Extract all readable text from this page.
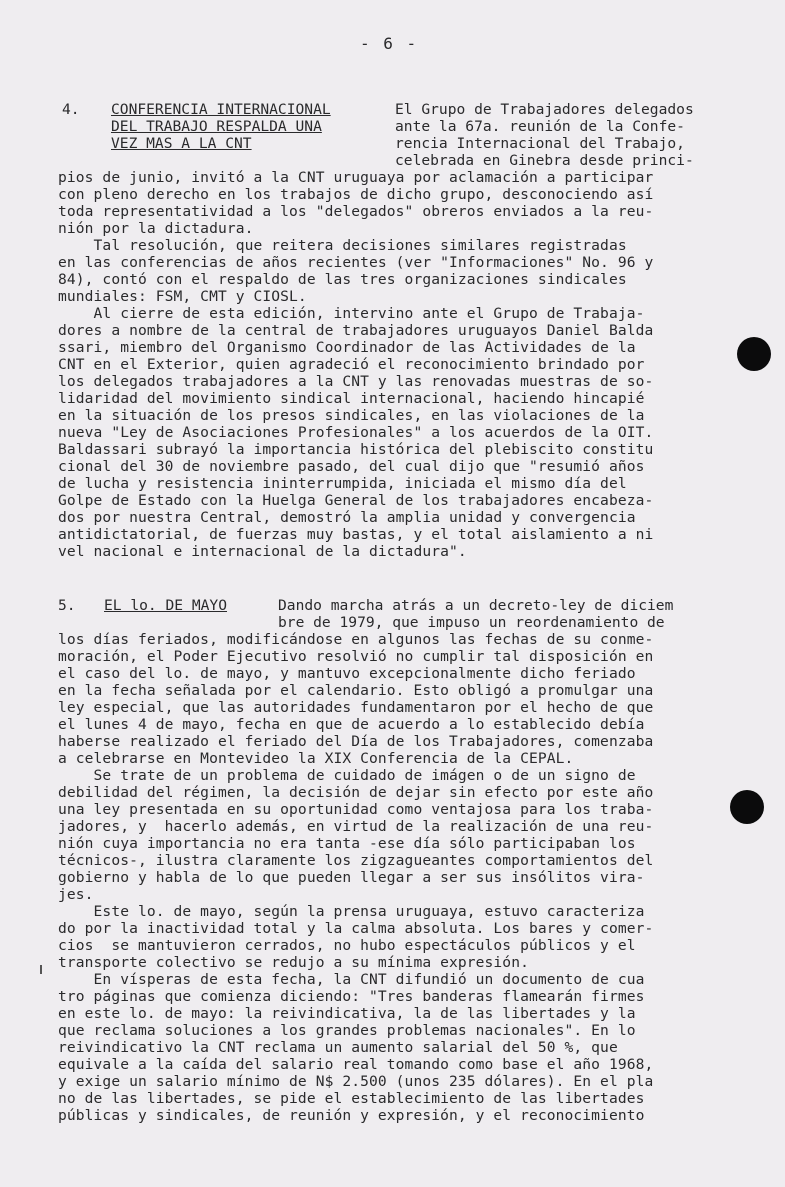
- 6 -
4. CONFERENCIA INTERNACIONAL
DEL TRABAJO RESPALDA UNA
VEZ MAS A LA CNT
El Grupo de Trabajadores delegados
ante la 67a. reunión de la Confe-
rencia Internacional del Trabajo,
celebrada en Ginebra desde princi-
pios de junio, invitó a la CNT uruguaya por aclamación a participar
con pleno derecho en los trabajos de dicho grupo, desconociendo así
toda representatividad a los "delegados" obreros enviados a la reu-
nión por la dictadura.
Tal resolución, que reitera decisiones similares registradas
en las conferencias de años recientes (ver "Informaciones" No. 96 y
84), contó con el respaldo de las tres organizaciones sindicales
mundiales: FSM, CMT y CIOSL.
Al cierre de esta edición, intervino ante el Grupo de Trabaja-
dores a nombre de la central de trabajadores uruguayos Daniel Balda
ssari, miembro del Organismo Coordinador de las Actividades de la
CNT en el Exterior, quien agradeció el reconocimiento brindado por
los delegados trabajadores a la CNT y las renovadas muestras de so-
lidaridad del movimiento sindical internacional, haciendo hincapié
en la situación de los presos sindicales, en las violaciones de la
nueva "Ley de Asociaciones Profesionales" a los acuerdos de la OIT.
Baldassari subrayó la importancia histórica del plebiscito constitu
cional del 30 de noviembre pasado, del cual dijo que "resumió años
de lucha y resistencia ininterrumpida, iniciada el mismo día del
Golpe de Estado con la Huelga General de los trabajadores encabeza-
dos por nuestra Central, demostró la amplia unidad y convergencia
antidictatorial, de fuerzas muy bastas, y el total aislamiento a ni
vel nacional e internacional de la dictadura".
5. EL lo. DE MAYO	Dando marcha atrás a un decreto-ley de diciem
bre de 1979, que impuso un reordenamiento de
los días feriados, modificándose en algunos las fechas de su conme-
moración, el Poder Ejecutivo resolvió no cumplir tal disposición en
el caso del lo. de mayo, y mantuvo excepcionalmente dicho feriado
en la fecha señalada por el calendario. Esto obligó a promulgar una
ley especial, que las autoridades fundamentaron por el hecho de que
el lunes 4 de mayo, fecha en que de acuerdo a lo establecido debía
haberse realizado el feriado del Día de los Trabajadores, comenzaba
a celebrarse en Montevideo la XIX Conferencia de la CEPAL.
Se trate de un problema de cuidado de imágen o de un signo de
debilidad del régimen, la decisión de dejar sin efecto por este año
una ley presentada en su oportunidad como ventajosa para los traba-
jadores, y  hacerlo además, en virtud de la realización de una reu-
nión cuya importancia no era tanta -ese día sólo participaban los
técnicos-, ilustra claramente los zigzagueantes comportamientos del
gobierno y habla de lo que pueden llegar a ser sus insólitos vira-
jes.
Este lo. de mayo, según la prensa uruguaya, estuvo caracteriza
do por la inactividad total y la calma absoluta. Los bares y comer-
cios  se mantuvieron cerrados, no hubo espectáculos públicos y el
transporte colectivo se redujo a su mínima expresión.
En vísperas de esta fecha, la CNT difundió un documento de cua
tro páginas que comienza diciendo: "Tres banderas flamearán firmes
en este lo. de mayo: la reivindicativa, la de las libertades y la
que reclama soluciones a los grandes problemas nacionales". En lo
reivindicativo la CNT reclama un aumento salarial del 50 %, que
equivale a la caída del salario real tomando como base el año 1968,
y exige un salario mínimo de N$ 2.500 (unos 235 dólares). En el pla
no de las libertades, se pide el establecimiento de las libertades
públicas y sindicales, de reunión y expresión, y el reconocimiento
